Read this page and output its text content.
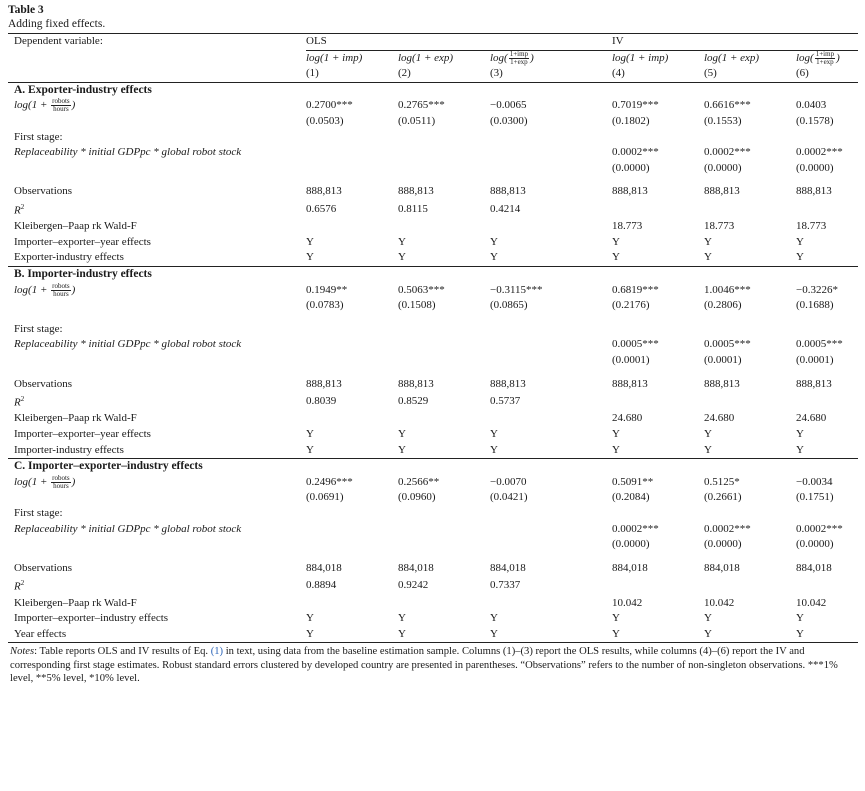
Table 3
Adding fixed effects.
Dependent variable:	OLS			IV		
	log(1 + imp)	log(1 + exp)	$\log( \frac{\text{1+imp}}{1+\exp}$ )	log(1 + imp)	log(1 + exp)	$\log( \frac{\text{1+imp}}{1+\exp}$ )
	(1)	(2)	(3)	(4)	(5)	(6)
A. Exporter-industry effects						
$\log(1 + \frac{\text{robots}}{\text{hours}}$ )	0.2700***	0.2765***	−0.0065	0.7019***	0.6616***	0.0403
	(0.0503)	(0.0511)	(0.0300)	(0.1802)	(0.1553)	(0.1578)
First stage:						
Replaceability * initial GDPpc * global robot stock				0.0002***	0.0002***	0.0002***
				(0.0000)	(0.0000)	(0.0000)

Observations	888,813	888,813	888,813	888,813	888,813	888,813
$R^2$	0.6576	0.8115	0.4214			
Kleibergen–Paap rk Wald-F				18.773	18.773	18.773
Importer–exporter–year effects	Y	Y	Y	Y	Y	Y
Exporter-industry effects	Y	Y	Y	Y	Y	Y
B. Importer-industry effects						
$\log(1 + \frac{\text{robots}}{\text{hours}}$ )	0.1949**	0.5063***	−0.3115***	0.6819***	1.0046***	−0.3226*
	(0.0783)	(0.1508)	(0.0865)	(0.2176)	(0.2806)	(0.1688)

First stage:						
Replaceability * initial GDPpc * global robot stock				0.0005***	0.0005***	0.0005***
				(0.0001)	(0.0001)	(0.0001)

Observations	888,813	888,813	888,813	888,813	888,813	888,813
$R^2$	0.8039	0.8529	0.5737			
Kleibergen–Paap rk Wald-F				24.680	24.680	24.680
Importer–exporter–year effects	Y	Y	Y	Y	Y	Y
Importer-industry effects	Y	Y	Y	Y	Y	Y
C. Importer–exporter–industry effects						
$\log(1 + \frac{\text{robots}}{\text{hours}}$ )	0.2496***	0.2566**	−0.0070	0.5091**	0.5125*	−0.0034
	(0.0691)	(0.0960)	(0.0421)	(0.2084)	(0.2661)	(0.1751)
First stage:						
Replaceability * initial GDPpc * global robot stock				0.0002***	0.0002***	0.0002***
				(0.0000)	(0.0000)	(0.0000)

Observations	884,018	884,018	884,018	884,018	884,018	884,018
$R^2$	0.8894	0.9242	0.7337			
Kleibergen–Paap rk Wald-F				10.042	10.042	10.042
Importer–exporter–industry effects	Y	Y	Y	Y	Y	Y
Year effects	Y	Y	Y	Y	Y	Y
Notes: Table reports OLS and IV results of Eq. (1) in text, using data from the baseline estimation sample. Columns (1)–(3) report the OLS results, while columns (4)–(6) report the IV and corresponding first stage estimates. Robust standard errors clustered by developed country are presented in parentheses. “Observations” refers to the number of non-singleton observations. ***1% level, **5% level, *10% level.
